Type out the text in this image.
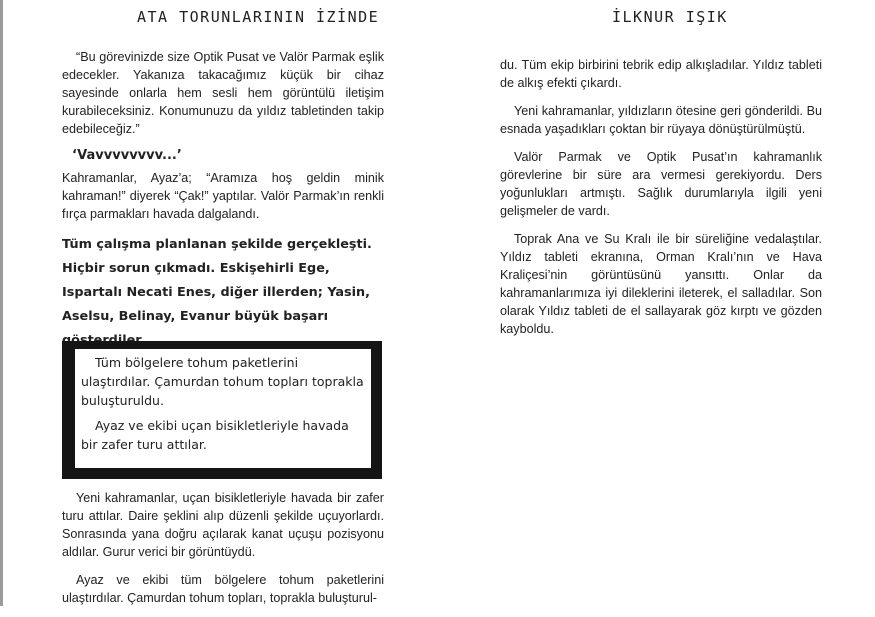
ATA TORUNLARININ İZİNDE	İLKNUR IŞIK

“Bu görevinizde size Optik Pusat ve Valör Parmak eşlik edecekler. Yakanıza takacağımız küçük bir cihaz sayesinde onlarla hem sesli hem görüntülü iletişim kurabileceksiniz. Konumunuzu da yıldız tabletinden takip edebileceğiz.”

‘Vavvvvvvvv...’

Kahramanlar, Ayaz’a; “Aramıza hoş geldin minik kahraman!” diyerek “Çak!” yaptılar. Valör Parmak’ın renkli fırça parmakları havada dalgalandı.

Tüm çalışma planlanan şekilde gerçekleşti. Hiçbir sorun çıkmadı. Eskişehirli Ege, Ispartalı Necati Enes, diğer illerden; Yasin, Aselsu, Belinay, Evanur büyük başarı

Tüm bölgelere tohum paketlerini ulaştırdılar. Çamurdan tohum topları toprakla buluşturuldu.

Ayaz ve ekibi uçan bisikletleriyle havada bir zafer turu attılar.

Yeni kahramanlar, uçan bisikletleriyle havada bir zafer turu attılar. Daire şeklini alıp düzenli şekilde uçuyorlardı. Sonrasında yana doğru açılarak kanat uçuşu pozisyonu aldılar. Gurur verici bir görüntüydü.

Ayaz ve ekibi tüm bölgelere tohum paketlerini ulaştırdılar. Çamurdan tohum topları, toprakla buluşturul-

du. Tüm ekip birbirini tebrik edip alkışladılar. Yıldız tableti de alkış efekti çıkardı.

Yeni kahramanlar, yıldızların ötesine geri gönderildi. Bu esnada yaşadıkları çoktan bir rüyaya dönüştürülmüştü.

Valör Parmak ve Optik Pusat’ın kahramanlık görevlerine bir süre ara vermesi gerekiyordu. Ders yoğunlukları artmıştı. Sağlık durumlarıyla ilgili yeni gelişmeler de vardı.

Toprak Ana ve Su Kralı ile bir süreliğine vedalaştılar. Yıldız tableti ekranına, Orman Kralı’nın ve Hava Kraliçesi’nin görüntüsünü yansıttı. Onlar da kahramanlarımıza iyi dileklerini ileterek, el salladılar. Son olarak Yıldız tableti de el sallayarak göz kırptı ve gözden kayboldu.
